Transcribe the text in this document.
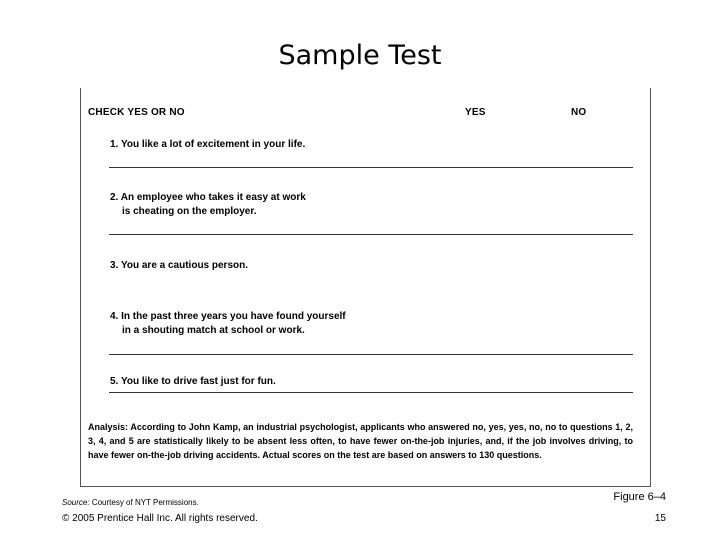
Sample Test
CHECK YES OR NO	YES	NO
1. You like a lot of excitement in your life.
2. An employee who takes it easy at work
is cheating on the employer.
3. You are a cautious person.
4. In the past three years you have found yourself
in a shouting match at school or work.
5. You like to drive fast just for fun.
Analysis: According to John Kamp, an industrial psychologist, applicants who answered no, yes, yes, no, no to questions 1, 2, 3, 4, and 5 are statistically likely to be absent less often, to have fewer on-the-job injuries, and, if the job involves driving, to have fewer on-the-job driving accidents. Actual scores on the test are based on answers to 130 questions.
Source: Courtesy of NYT Permissions.	Figure 6–4
© 2005 Prentice Hall Inc. All rights reserved.	15
